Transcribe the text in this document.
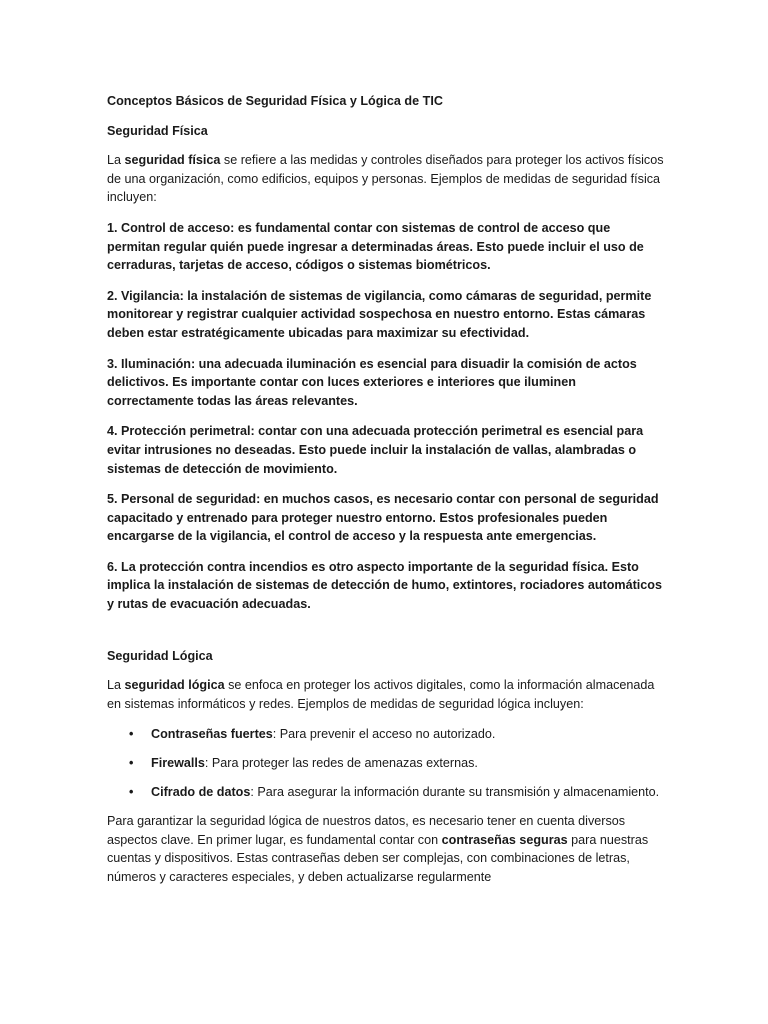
Conceptos Básicos de Seguridad Física y Lógica de TIC
Seguridad Física
La seguridad física se refiere a las medidas y controles diseñados para proteger los activos físicos de una organización, como edificios, equipos y personas. Ejemplos de medidas de seguridad física incluyen:
1. Control de acceso: es fundamental contar con sistemas de control de acceso que permitan regular quién puede ingresar a determinadas áreas. Esto puede incluir el uso de cerraduras, tarjetas de acceso, códigos o sistemas biométricos.
2. Vigilancia: la instalación de sistemas de vigilancia, como cámaras de seguridad, permite monitorear y registrar cualquier actividad sospechosa en nuestro entorno. Estas cámaras deben estar estratégicamente ubicadas para maximizar su efectividad.
3. Iluminación: una adecuada iluminación es esencial para disuadir la comisión de actos delictivos. Es importante contar con luces exteriores e interiores que iluminen correctamente todas las áreas relevantes.
4. Protección perimetral: contar con una adecuada protección perimetral es esencial para evitar intrusiones no deseadas. Esto puede incluir la instalación de vallas, alambradas o sistemas de detección de movimiento.
5. Personal de seguridad: en muchos casos, es necesario contar con personal de seguridad capacitado y entrenado para proteger nuestro entorno. Estos profesionales pueden encargarse de la vigilancia, el control de acceso y la respuesta ante emergencias.
6. La protección contra incendios es otro aspecto importante de la seguridad física. Esto implica la instalación de sistemas de detección de humo, extintores, rociadores automáticos y rutas de evacuación adecuadas.
Seguridad Lógica
La seguridad lógica se enfoca en proteger los activos digitales, como la información almacenada en sistemas informáticos y redes. Ejemplos de medidas de seguridad lógica incluyen:
• Contraseñas fuertes: Para prevenir el acceso no autorizado.
• Firewalls: Para proteger las redes de amenazas externas.
• Cifrado de datos: Para asegurar la información durante su transmisión y almacenamiento.
Para garantizar la seguridad lógica de nuestros datos, es necesario tener en cuenta diversos aspectos clave. En primer lugar, es fundamental contar con contraseñas seguras para nuestras cuentas y dispositivos. Estas contraseñas deben ser complejas, con combinaciones de letras, números y caracteres especiales, y deben actualizarse regularmente
